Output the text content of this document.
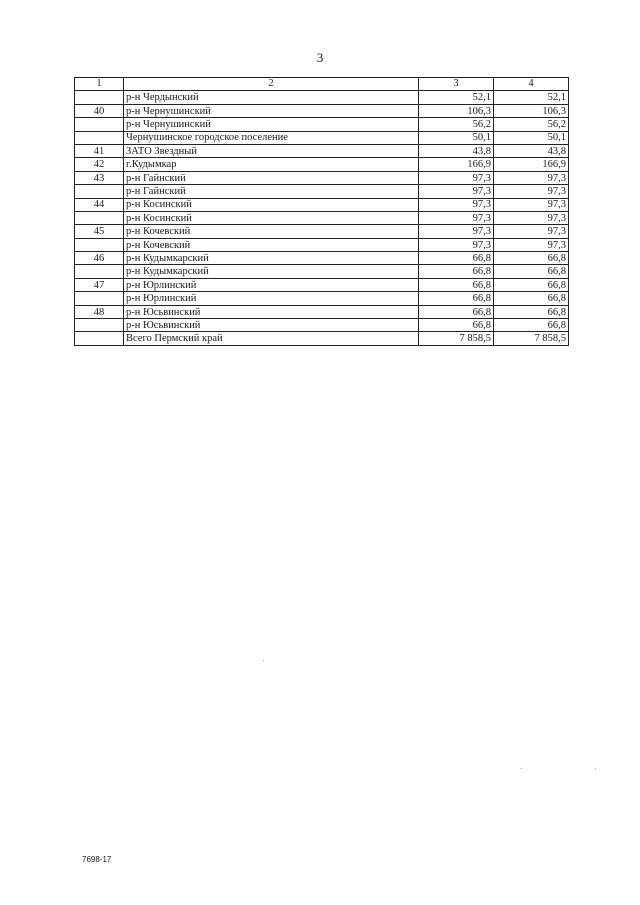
3
1	2	3	4
	р-н Чердынский	52,1	52,1
40	р-н Чернушинский	106,3	106,3
	р-н Чернушинский	56,2	56,2
	Чернушинское городское поселение	50,1	50,1
41	ЗАТО Звездный	43,8	43,8
42	г.Кудымкар	166,9	166,9
43	р-н Гайнский	97,3	97,3
	р-н Гайнский	97,3	97,3
44	р-н Косинский	97,3	97,3
	р-н Косинский	97,3	97,3
45	р-н Кочевский	97,3	97,3
	р-н Кочевский	97,3	97,3
46	р-н Кудымкарский	66,8	66,8
	р-н Кудымкарский	66,8	66,8
47	р-н Юрлинский	66,8	66,8
	р-н Юрлинский	66,8	66,8
48	р-н Юсьвинский	66,8	66,8
	р-н Юсьвинский	66,8	66,8
	Всего Пермский край	7 858,5	7 858,5
7698-17
